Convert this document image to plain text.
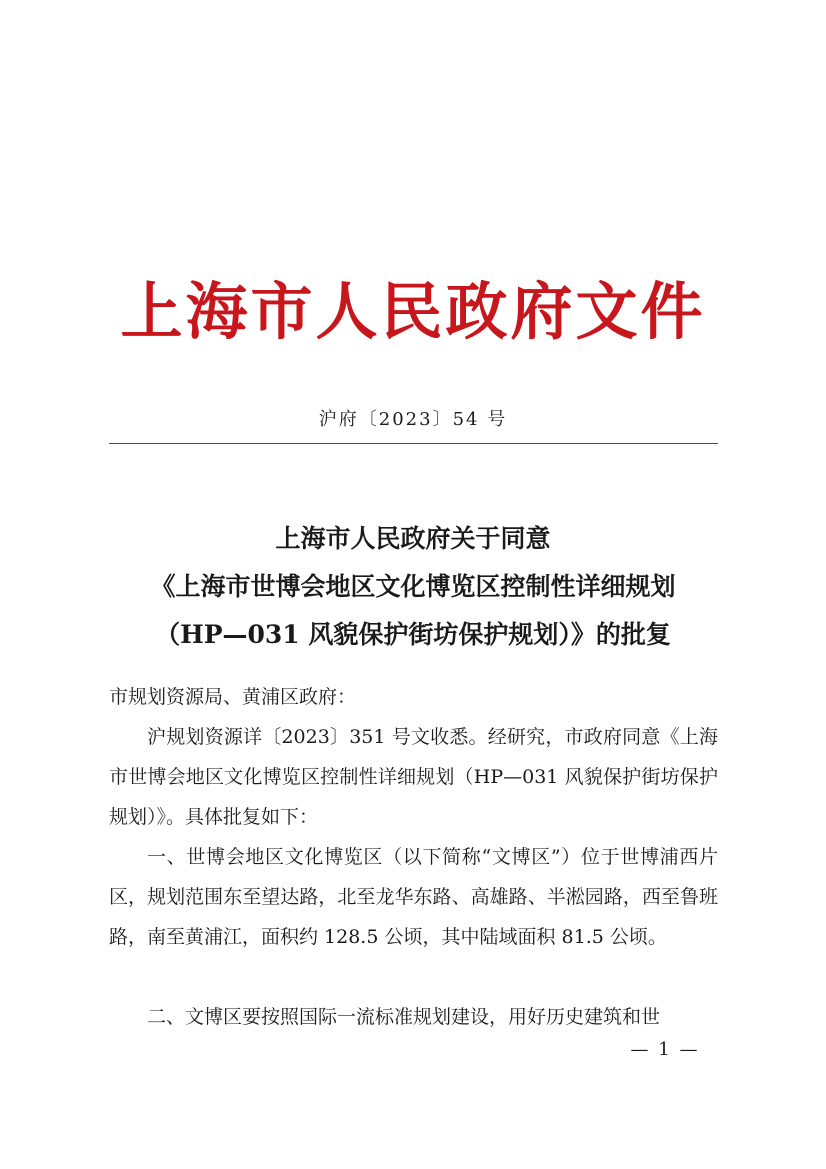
上海市人民政府文件
沪府〔2023〕54 号
上海市人民政府关于同意
《上海市世博会地区文化博览区控制性详细规划
（HP—031 风貌保护街坊保护规划）》的批复
市规划资源局、黄浦区政府：

沪规划资源详〔2023〕351 号文收悉。经研究，市政府同意《上海市世博会地区文化博览区控制性详细规划（HP—031 风貌保护街坊保护规划）》。具体批复如下：

一、世博会地区文化博览区（以下简称“文博区”）位于世博浦西片区，规划范围东至望达路，北至龙华东路、高雄路、半淞园路，西至鲁班路，南至黄浦江，面积约 128.5 公顷，其中陆域面积 81.5 公顷。

二、文博区要按照国际一流标准规划建设，用好历史建筑和世

— 1 —
